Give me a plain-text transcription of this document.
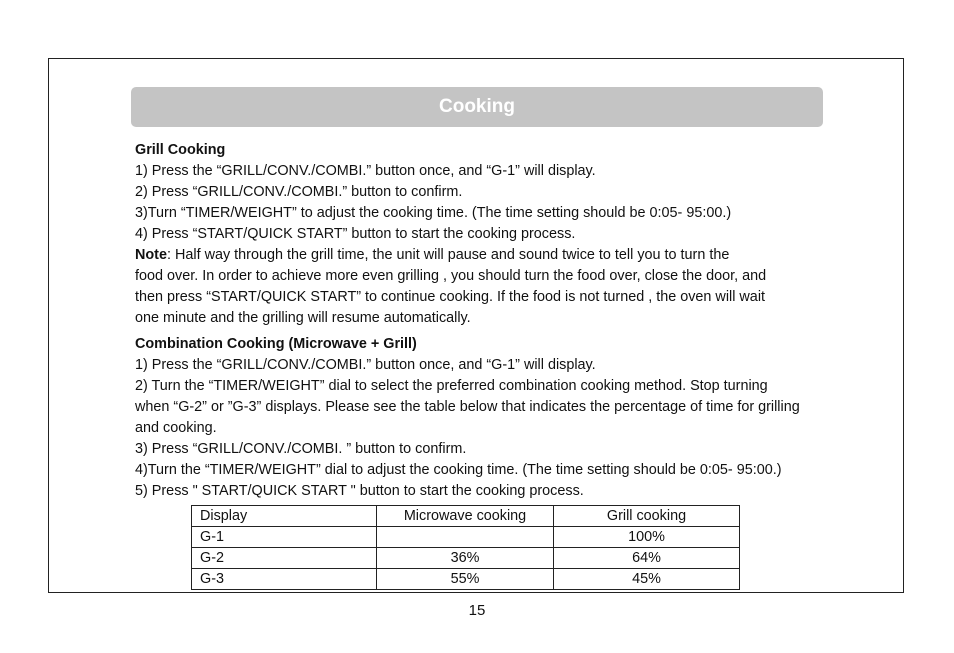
Cooking
Grill Cooking
1) Press the “GRILL/CONV./COMBI.” button once, and “G-1” will display.
2) Press “GRILL/CONV./COMBI.” button to confirm.
3)Turn “TIMER/WEIGHT” to adjust the cooking time. (The time setting should be 0:05- 95:00.)
4) Press “START/QUICK START” button to start the cooking process.
Note: Half way through the grill time, the unit will pause and sound twice to tell you to turn the
food over. In order to achieve more even grilling , you should turn the food over, close the door, and
then press “START/QUICK START” to continue cooking. If the food is not turned , the oven will wait
one minute and the grilling will resume automatically.
Combination Cooking (Microwave + Grill)
1) Press the “GRILL/CONV./COMBI.” button once, and “G-1” will display.
2) Turn the “TIMER/WEIGHT” dial to select the preferred combination cooking method. Stop turning
when “G-2” or ”G-3” displays. Please see the table below that indicates the percentage of time for grilling
and cooking.
3) Press “GRILL/CONV./COMBI. ” button to confirm.
4)Turn the “TIMER/WEIGHT” dial to adjust the cooking time. (The time setting should be 0:05- 95:00.)
5) Press " START/QUICK START " button to start the cooking process.
Display	Microwave cooking	Grill cooking
G-1		100%
G-2	36%	64%
G-3	55%	45%
15
